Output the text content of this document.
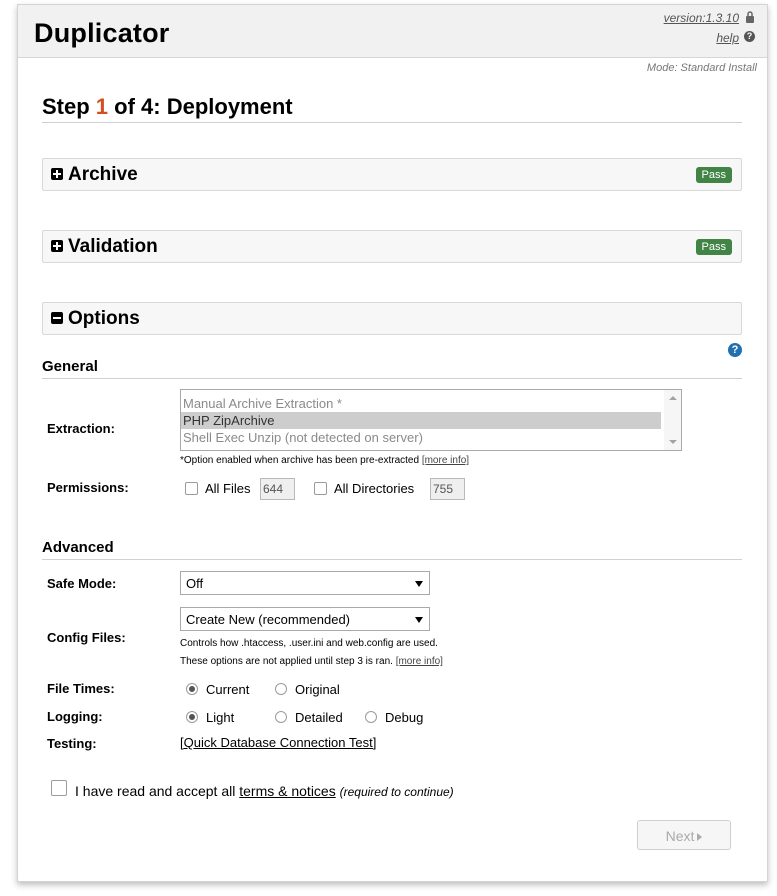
Duplicator	version:1.3.10
help ?
Mode: Standard Install
Step 1 of 4: Deployment
Archive	Pass
Validation	Pass
Options
?
General
Extraction:
Manual Archive Extraction *
PHP ZipArchive
Shell Exec Unzip (not detected on server)
*Option enabled when archive has been pre-extracted [more info]
Permissions:	All Files 644	All Directories 755
Advanced
Safe Mode:	Off
Config Files:
Create New (recommended)
Controls how .htaccess, .user.ini and web.config are used.
These options are not applied until step 3 is ran. [more info]
File Times:	Current	Original
Logging:	Light	Detailed	Debug
Testing:	[Quick Database Connection Test]
I have read and accept all terms & notices (required to continue)
Next
